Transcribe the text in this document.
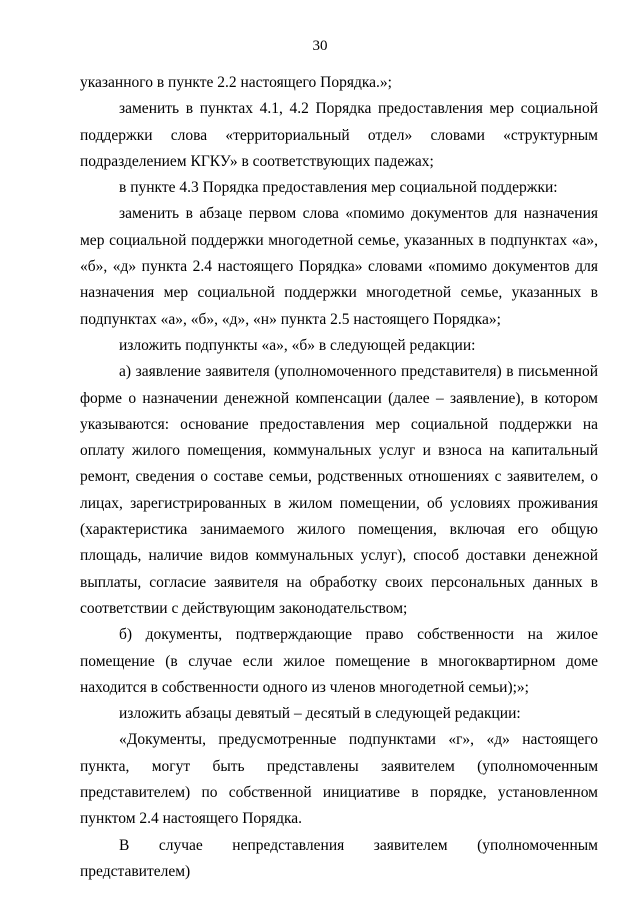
30

указанного в пункте 2.2 настоящего Порядка.»;

заменить в пунктах 4.1, 4.2 Порядка предоставления мер социальной поддержки слова «территориальный отдел» словами «структурным подразделением КГКУ» в соответствующих падежах;

в пункте 4.3 Порядка предоставления мер социальной поддержки:

заменить в абзаце первом слова «помимо документов для назначения мер социальной поддержки многодетной семье, указанных в подпунктах «а», «б», «д» пункта 2.4 настоящего Порядка» словами «помимо документов для назначения мер социальной поддержки многодетной семье, указанных в подпунктах «а», «б», «д», «н» пункта 2.5 настоящего Порядка»;

изложить подпункты «а», «б» в следующей редакции:

а) заявление заявителя (уполномоченного представителя) в письменной форме о назначении денежной компенсации (далее – заявление), в котором указываются: основание предоставления мер социальной поддержки на оплату жилого помещения, коммунальных услуг и взноса на капитальный ремонт, сведения о составе семьи, родственных отношениях с заявителем, о лицах, зарегистрированных в жилом помещении, об условиях проживания (характеристика занимаемого жилого помещения, включая его общую площадь, наличие видов коммунальных услуг), способ доставки денежной выплаты, согласие заявителя на обработку своих персональных данных в соответствии с действующим законодательством;

б) документы, подтверждающие право собственности на жилое помещение (в случае если жилое помещение в многоквартирном доме находится в собственности одного из членов многодетной семьи);»;

изложить абзацы девятый – десятый в следующей редакции:

«Документы, предусмотренные подпунктами «г», «д» настоящего пункта, могут быть представлены заявителем (уполномоченным представителем) по собственной инициативе в порядке, установленном пунктом 2.4 настоящего Порядка.

В случае непредставления заявителем (уполномоченным представителем)
